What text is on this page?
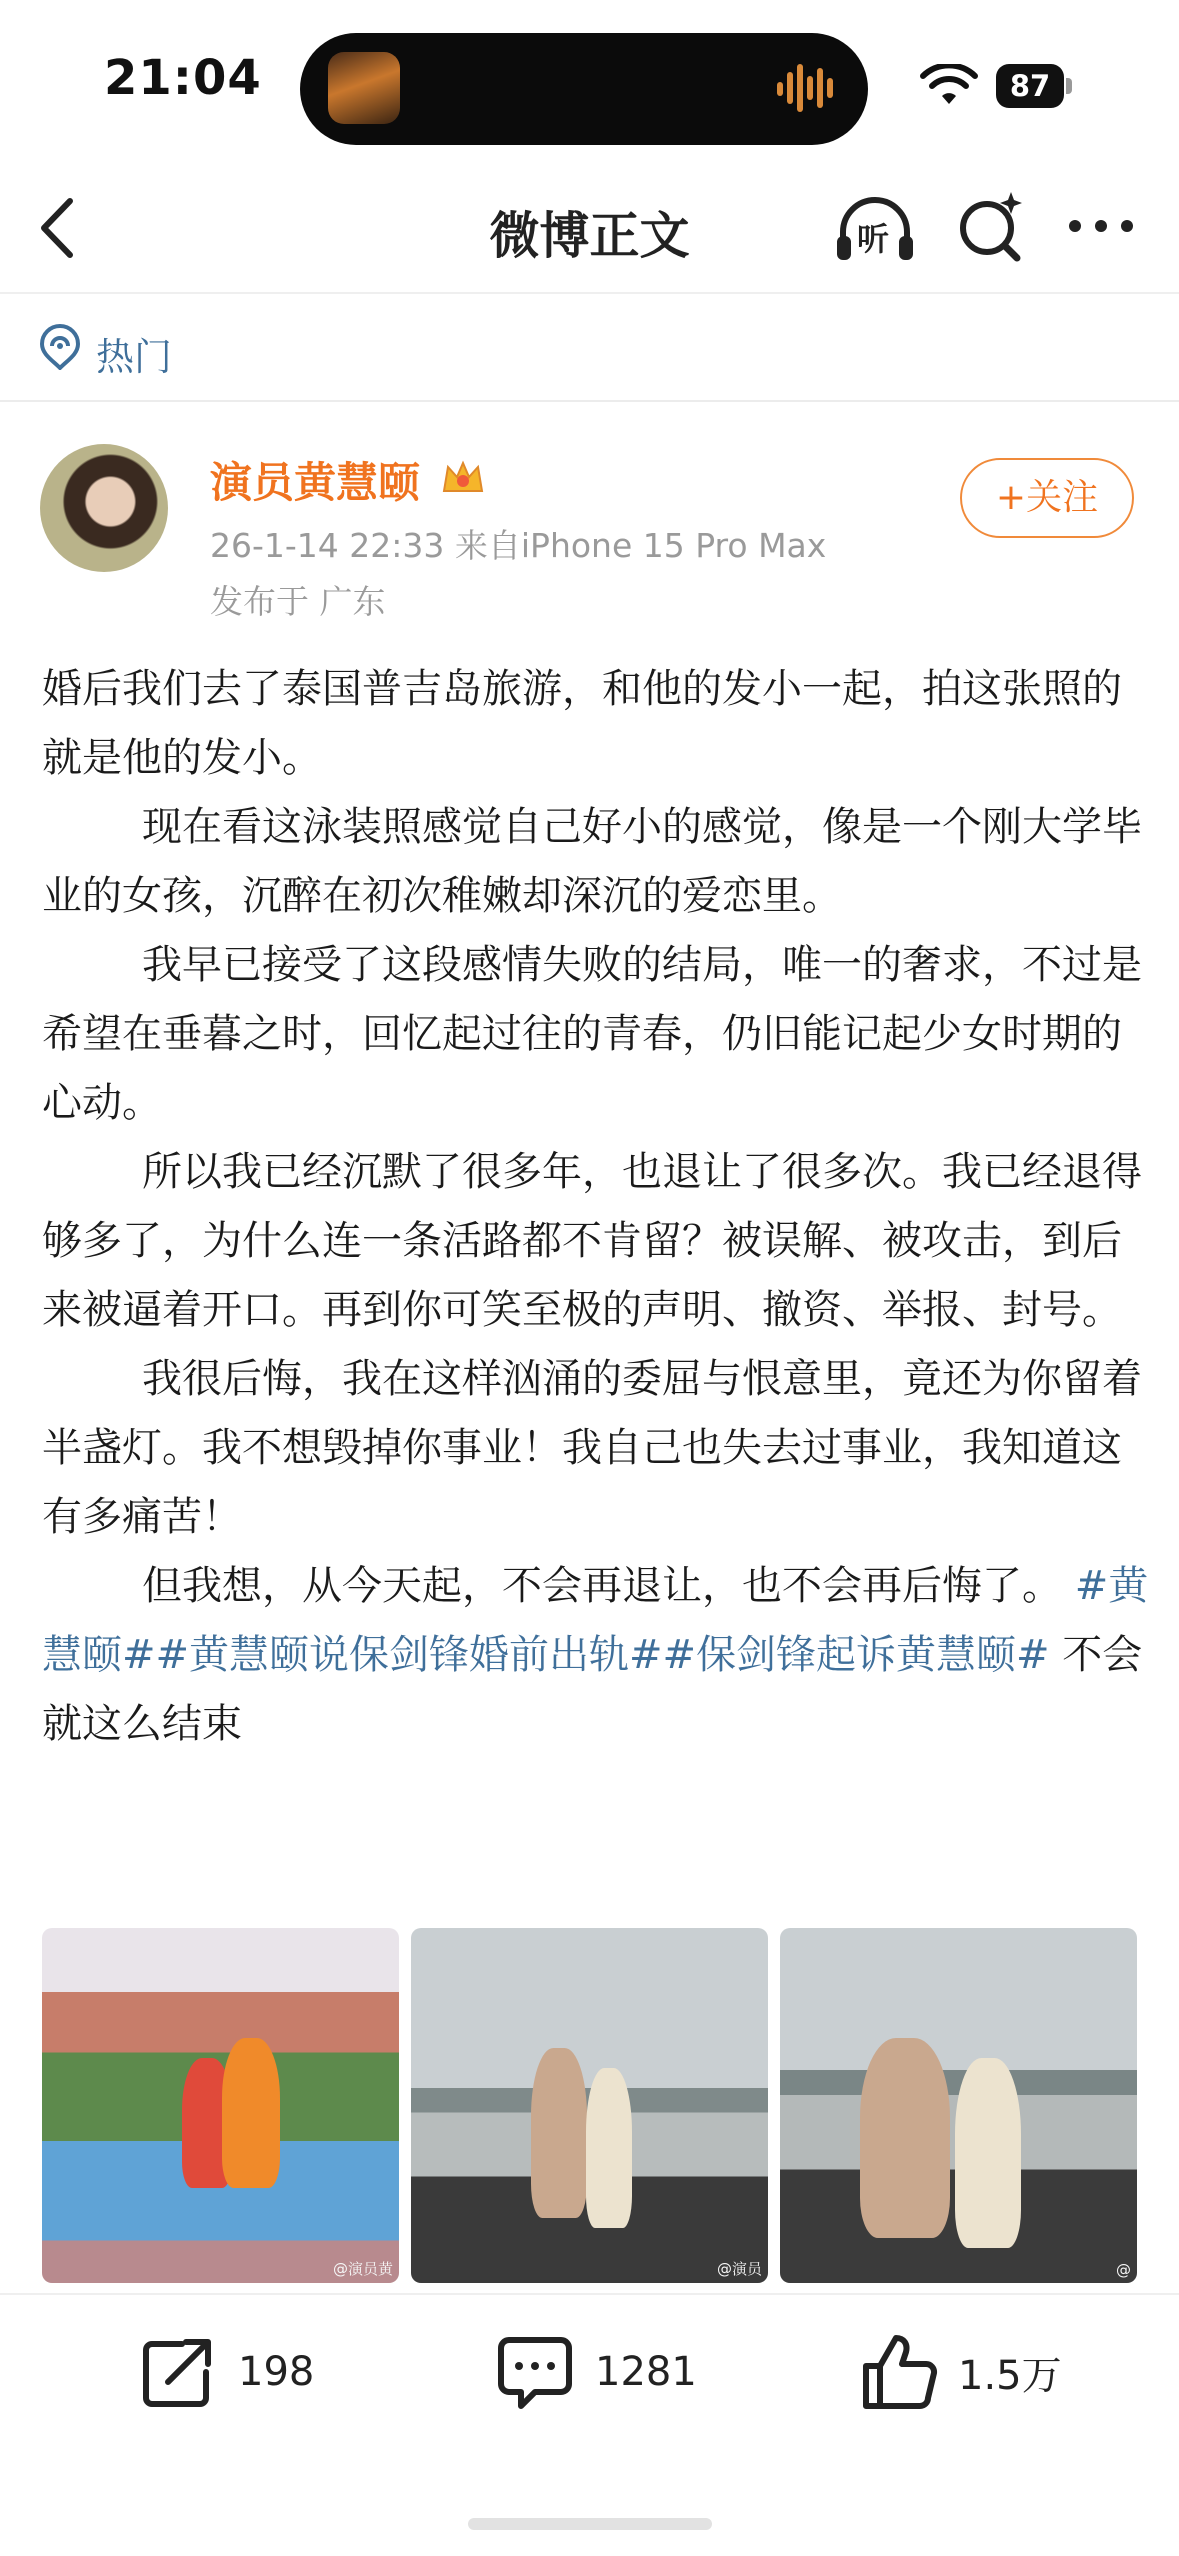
21:04	87
微博正文	听
热门
演员黄慧颐
26-1-14 22:33 来自iPhone 15 Pro Max
发布于 广东
+关注

婚后我们去了泰国普吉岛旅游，和他的发小一起，拍这张照的就是他的发小。

现在看这泳装照感觉自己好小的感觉，像是一个刚大学毕业的女孩，沉醉在初次稚嫩却深沉的爱恋里。

我早已接受了这段感情失败的结局，唯一的奢求，不过是希望在垂暮之时，回忆起过往的青春，仍旧能记起少女时期的心动。

所以我已经沉默了很多年，也退让了很多次。我已经退得够多了，为什么连一条活路都不肯留？被误解、被攻击，到后来被逼着开口。再到你可笑至极的声明、撤资、举报、封号。

我很后悔，我在这样汹涌的委屈与恨意里，竟还为你留着半盏灯。我不想毁掉你事业！我自己也失去过事业，我知道这有多痛苦！

但我想，从今天起，不会再退让，也不会再后悔了。 #黄慧颐##黄慧颐说保剑锋婚前出轨##保剑锋起诉黄慧颐# 不会就这么结束

@演员黄	@演员	@
198	1281	1.5万
